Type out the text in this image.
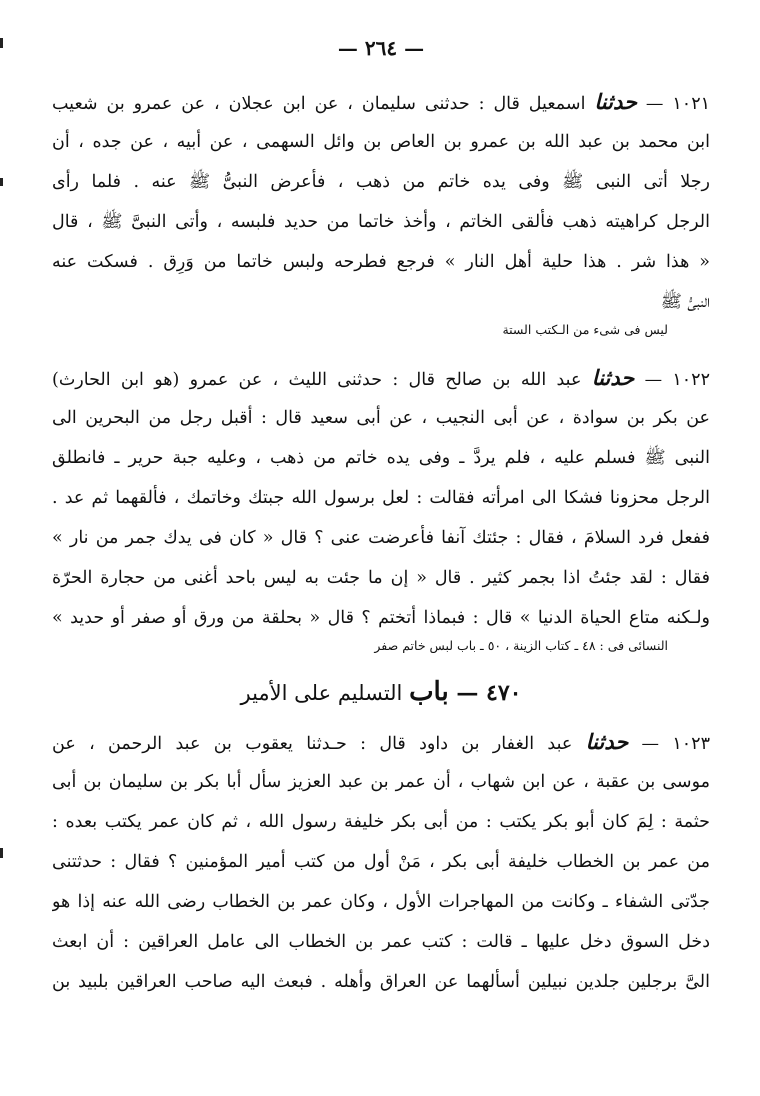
— ٢٦٤ —
١٠٢١ — حدثنا اسمعيل قال : حدثنى سليمان ، عن ابن عجلان ، عن عمرو بن شعيب
ابن محمد بن عبد الله بن عمرو بن العاص بن وائل السهمى ، عن أبيه ، عن جده ، أن
رجلا أتى النبى ﷺ وفى يده خاتم من ذهب ، فأعرض النبىُّ ﷺ عنه . فلما رأى
الرجل كراهيته ذهب فألقى الخاتم ، وأخذ خاتما من حديد فلبسه ، وأتى النبىَّ ﷺ ، قال
« هذا شر . هذا حلية أهل النار » فرجع فطرحه ولبس خاتما من وَرِق . فسكت عنه
النبىُّ ﷺ
ليس فى شىء من الـكتب الستة
١٠٢٢ — حدثنا عبد الله بن صالح قال : حدثنى الليث ، عن عمرو (هو ابن الحارث)
عن بكر بن سوادة ، عن أبى النجيب ، عن أبى سعيد قال : أقبل رجل من البحرين الى
النبى ﷺ فسلم عليه ، فلم يردَّ ـ وفى يده خاتم من ذهب ، وعليه جبة حرير ـ فانطلق
الرجل محزونا فشكا الى امرأته فقالت : لعل برسول الله جبتك وخاتمك ، فألقهما ثم عد .
ففعل فرد السلامَ ، فقال : جئتك آنفا فأعرضت عنى ؟ قال « كان فى يدك جمر من نار »
فقال : لقد جئتُ اذا بجمر كثير . قال « إن ما جئت به ليس باحد أغنى من حجارة الحرّة
ولـكنه متاع الحياة الدنيا » قال : فبماذا أتختم ؟ قال « بحلقة من ورق أو صفر أو حديد »
النسائى فى : ٤٨ ـ كتاب الزينة ، ٥٠ ـ باب لبس خاتم صفر
٤٧٠ — باب التسليم على الأمير
١٠٢٣ — حدثنا عبد الغفار بن داود قال : حـدثنا يعقوب بن عبد الرحمن ، عن
موسى بن عقبة ، عن ابن شهاب ، أن عمر بن عبد العزيز سأل أبا بكر بن سليمان بن أبى
حثمة : لِمَ كان أبو بكر يكتب : من أبى بكر خليفة رسول الله ، ثم كان عمر يكتب بعده :
من عمر بن الخطاب خليفة أبى بكر ، مَنْ أول من كتب أمير المؤمنين ؟ فقال : حدثتنى
جدّتى الشفاء ـ وكانت من المهاجرات الأول ، وكان عمر بن الخطاب رضى الله عنه إذا هو
دخل السوق دخل عليها ـ قالت : كتب عمر بن الخطاب الى عامل العراقين : أن ابعث
الىَّ برجلين جلدين نبيلين أسألهما عن العراق وأهله . فبعث اليه صاحب العراقين بلبيد بن
